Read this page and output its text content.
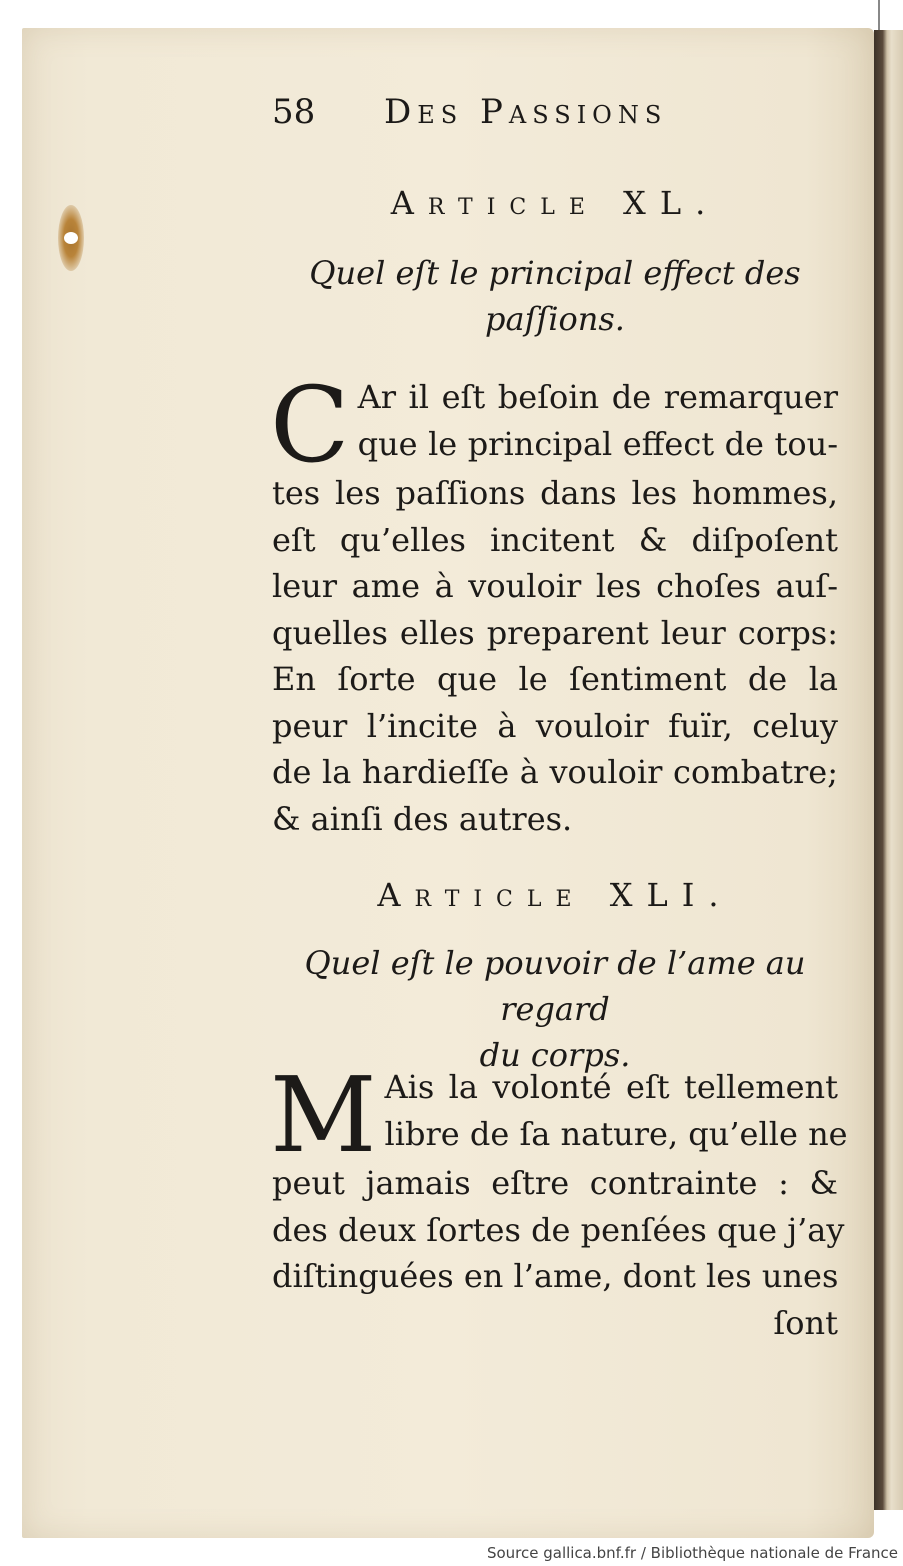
58 Des Passions
Article XL.
Quel eſt le principal effect des
paſſions.
C Ar il eſt beſoin de remarquer
que le principal effect de tou-
tes les paſſions dans les hommes,
eſt qu’elles incitent & diſpoſent
leur ame à vouloir les choſes auſ-
quelles elles preparent leur corps:
En ſorte que le ſentiment de la
peur l’incite à vouloir fuïr, celuy
de la hardieſſe à vouloir combatre;
& ainſi des autres.
Article XLI.
Quel eſt le pouvoir de l’ame au regard
du corps.
M Ais la volonté eſt tellement
libre de ſa nature, qu’elle ne
peut jamais eſtre contrainte : &
des deux ſortes de penſées que j’ay
diſtinguées en l’ame, dont les unes
ſont
Source gallica.bnf.fr / Bibliothèque nationale de France
